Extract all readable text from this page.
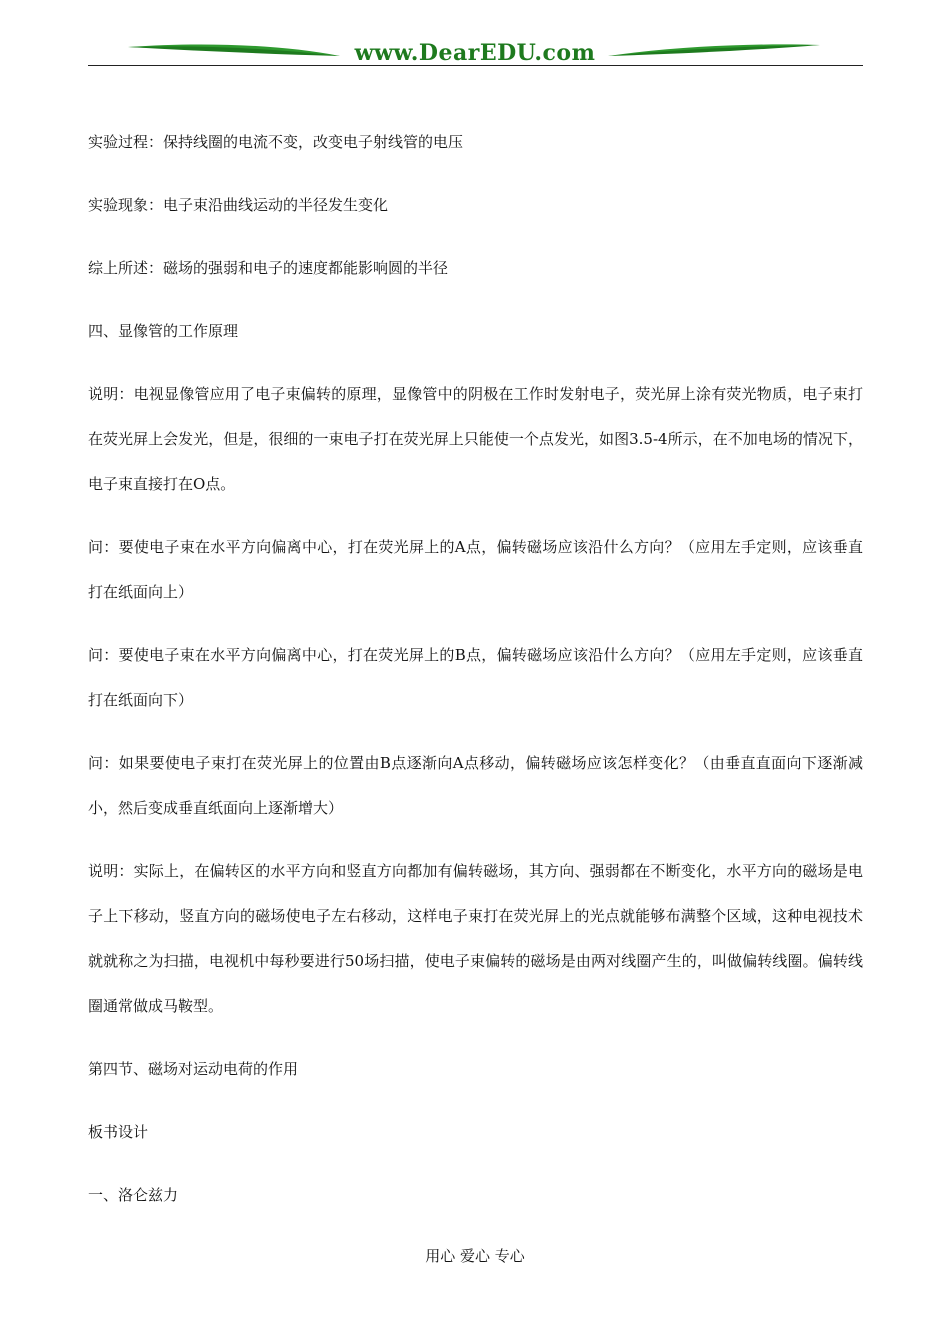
www.DearEDU.com

实验过程：保持线圈的电流不变，改变电子射线管的电压

实验现象：电子束沿曲线运动的半径发生变化

综上所述：磁场的强弱和电子的速度都能影响圆的半径

四、显像管的工作原理

说明：电视显像管应用了电子束偏转的原理，显像管中的阴极在工作时发射电子，荧光屏上涂有荧光物质，电子束打在荧光屏上会发光，但是，很细的一束电子打在荧光屏上只能使一个点发光，如图3.5-4所示，在不加电场的情况下，电子束直接打在O点。

问：要使电子束在水平方向偏离中心，打在荧光屏上的A点，偏转磁场应该沿什么方向？（应用左手定则，应该垂直打在纸面向上）

问：要使电子束在水平方向偏离中心，打在荧光屏上的B点，偏转磁场应该沿什么方向？（应用左手定则，应该垂直打在纸面向下）

问：如果要使电子束打在荧光屏上的位置由B点逐渐向A点移动，偏转磁场应该怎样变化？（由垂直直面向下逐渐减小，然后变成垂直纸面向上逐渐增大）

说明：实际上，在偏转区的水平方向和竖直方向都加有偏转磁场，其方向、强弱都在不断变化，水平方向的磁场是电子上下移动，竖直方向的磁场使电子左右移动，这样电子束打在荧光屏上的光点就能够布满整个区域，这种电视技术就就称之为扫描，电视机中每秒要进行50场扫描，使电子束偏转的磁场是由两对线圈产生的，叫做偏转线圈。偏转线圈通常做成马鞍型。

第四节、磁场对运动电荷的作用

板书设计

一、洛仑兹力

用心 爱心 专心
